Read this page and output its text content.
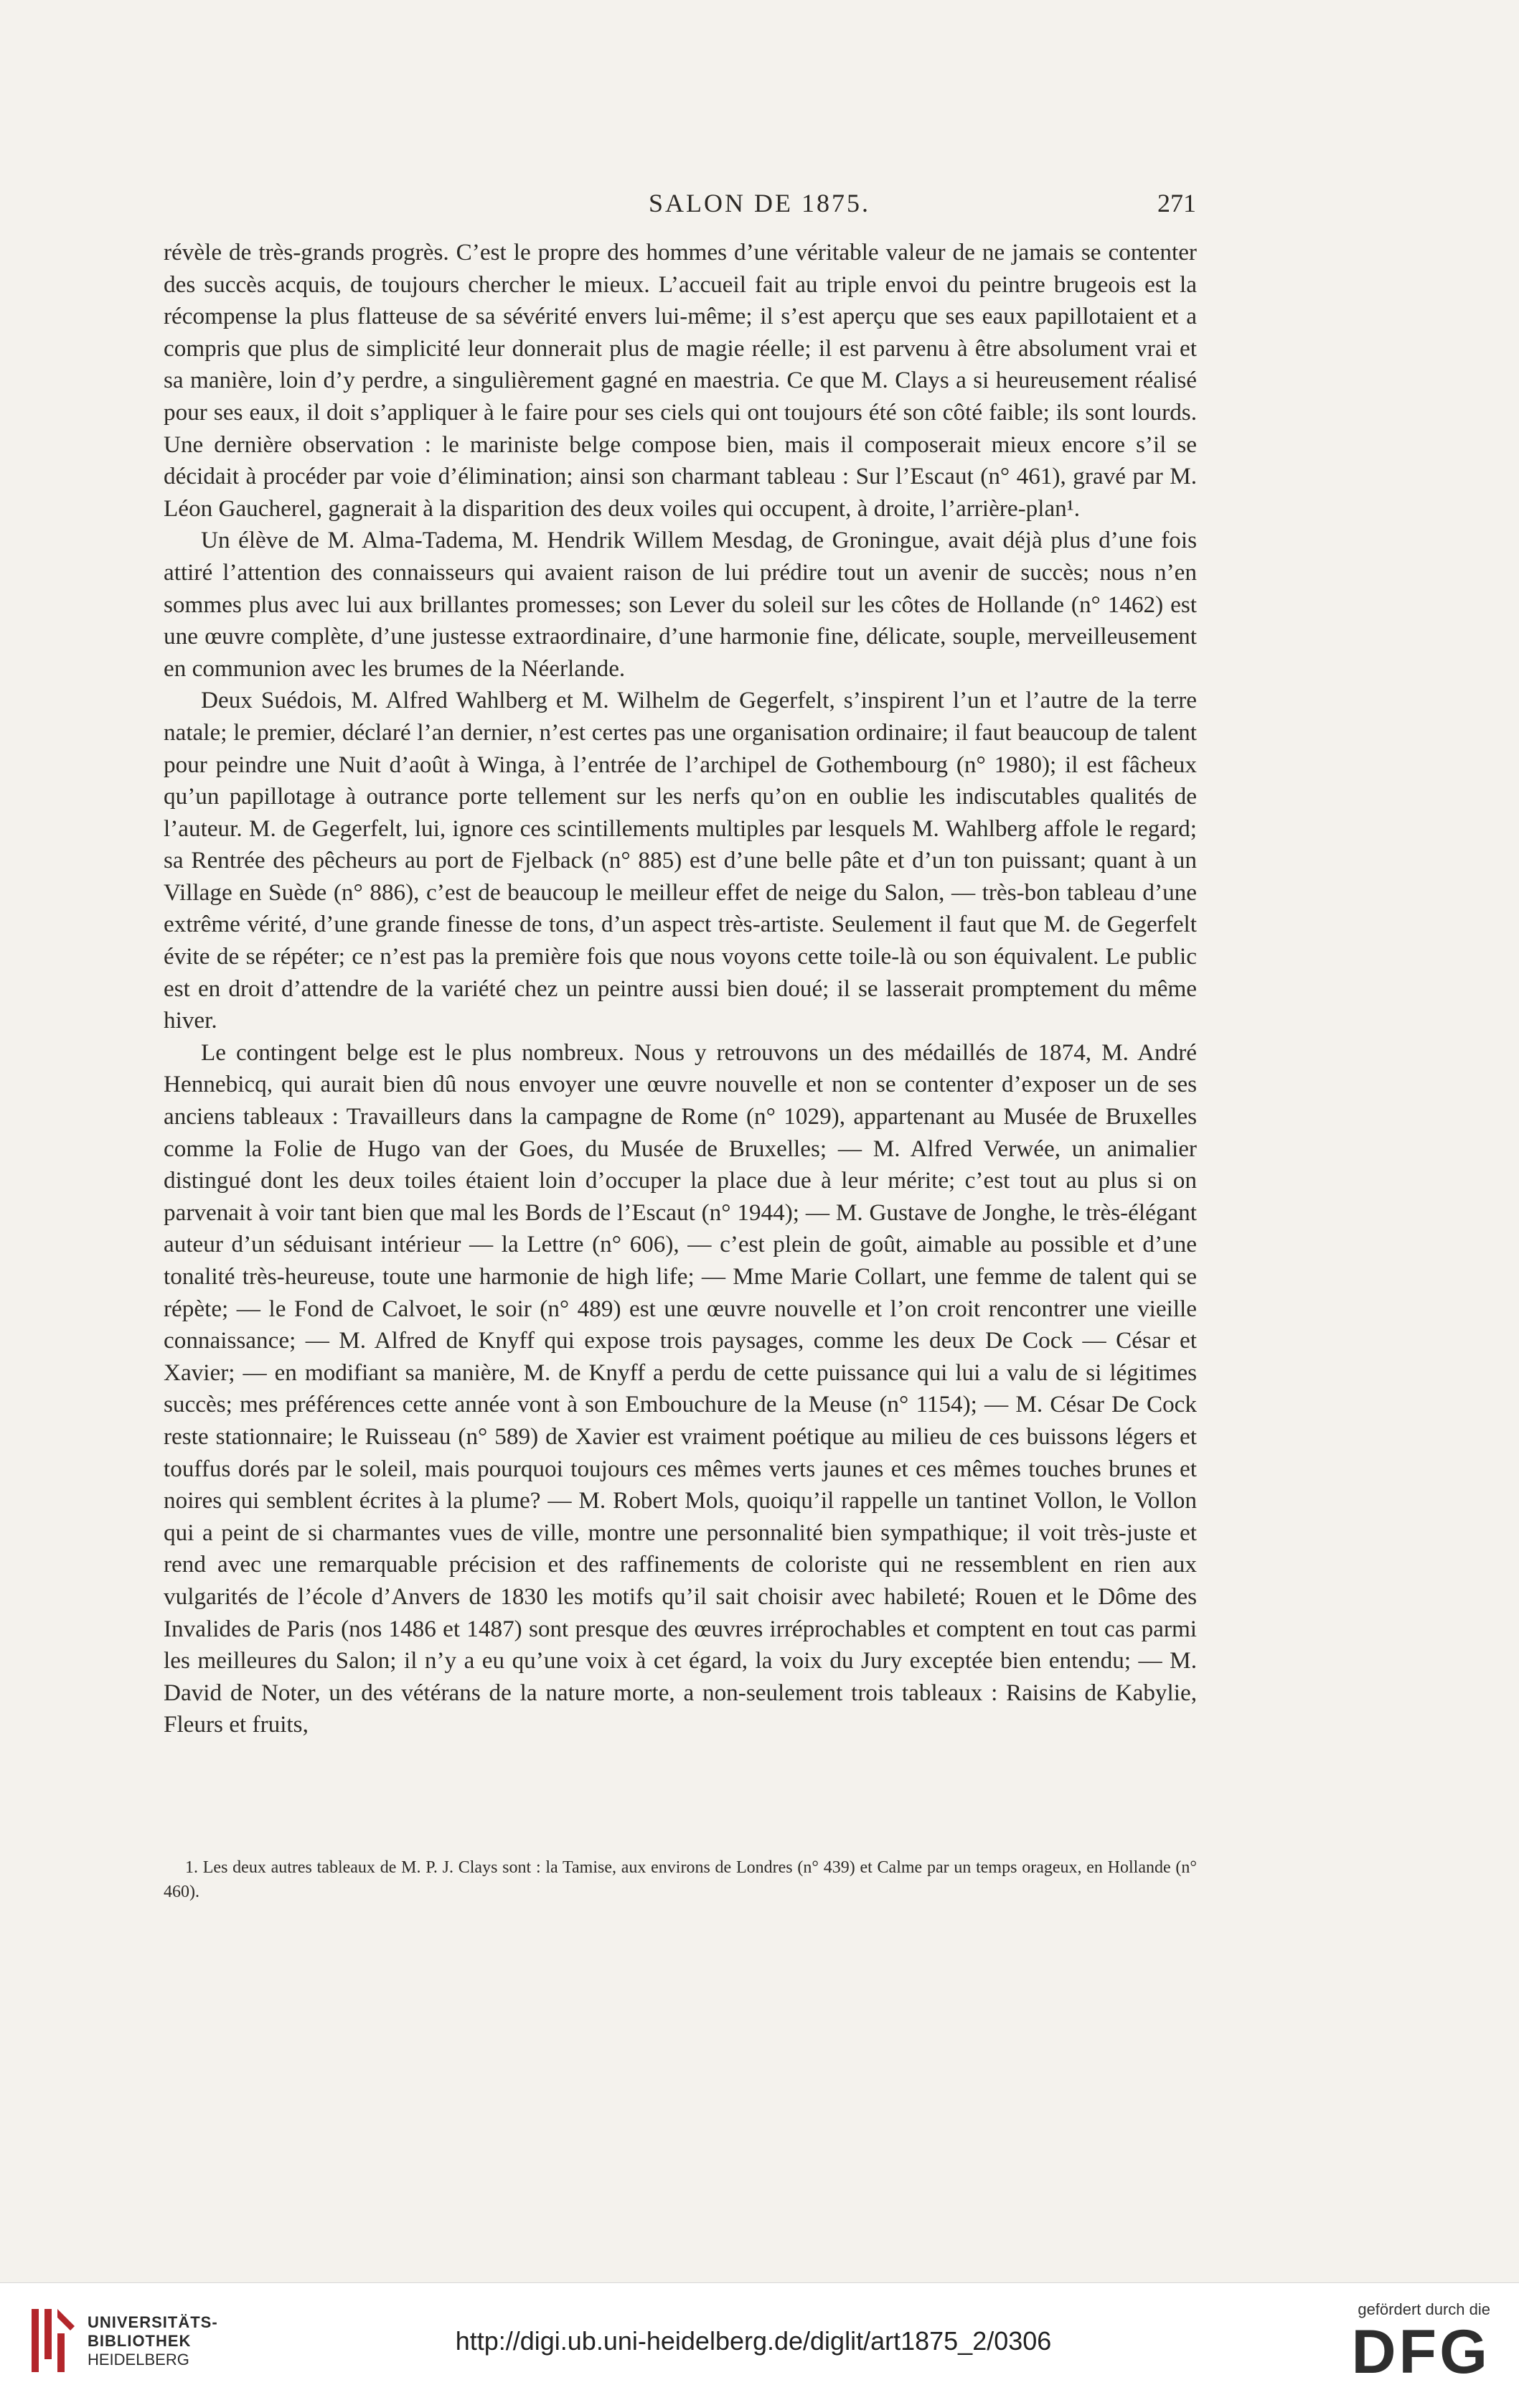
SALON DE 1875.	271

révèle de très-grands progrès. C’est le propre des hommes d’une véritable valeur de ne jamais se contenter des succès acquis, de toujours chercher le mieux. L’accueil fait au triple envoi du peintre brugeois est la récompense la plus flatteuse de sa sévérité envers lui-même; il s’est aperçu que ses eaux papillotaient et a compris que plus de simplicité leur donnerait plus de magie réelle; il est parvenu à être absolument vrai et sa manière, loin d’y perdre, a singulièrement gagné en maestria. Ce que M. Clays a si heureusement réalisé pour ses eaux, il doit s’appliquer à le faire pour ses ciels qui ont toujours été son côté faible; ils sont lourds. Une dernière observation : le mariniste belge compose bien, mais il composerait mieux encore s’il se décidait à procéder par voie d’élimination; ainsi son charmant tableau : Sur l’Escaut (n° 461), gravé par M. Léon Gaucherel, gagnerait à la disparition des deux voiles qui occupent, à droite, l’arrière-plan¹.

Un élève de M. Alma-Tadema, M. Hendrik Willem Mesdag, de Groningue, avait déjà plus d’une fois attiré l’attention des connaisseurs qui avaient raison de lui prédire tout un avenir de succès; nous n’en sommes plus avec lui aux brillantes promesses; son Lever du soleil sur les côtes de Hollande (n° 1462) est une œuvre complète, d’une justesse extraordinaire, d’une harmonie fine, délicate, souple, merveilleusement en communion avec les brumes de la Néerlande.

Deux Suédois, M. Alfred Wahlberg et M. Wilhelm de Gegerfelt, s’inspirent l’un et l’autre de la terre natale; le premier, déclaré l’an dernier, n’est certes pas une organisation ordinaire; il faut beaucoup de talent pour peindre une Nuit d’août à Winga, à l’entrée de l’archipel de Gothembourg (n° 1980); il est fâcheux qu’un papillotage à outrance porte tellement sur les nerfs qu’on en oublie les indiscutables qualités de l’auteur. M. de Gegerfelt, lui, ignore ces scintillements multiples par lesquels M. Wahlberg affole le regard; sa Rentrée des pêcheurs au port de Fjelback (n° 885) est d’une belle pâte et d’un ton puissant; quant à un Village en Suède (n° 886), c’est de beaucoup le meilleur effet de neige du Salon, — très-bon tableau d’une extrême vérité, d’une grande finesse de tons, d’un aspect très-artiste. Seulement il faut que M. de Gegerfelt évite de se répéter; ce n’est pas la première fois que nous voyons cette toile-là ou son équivalent. Le public est en droit d’attendre de la variété chez un peintre aussi bien doué; il se lasserait promptement du même hiver.

Le contingent belge est le plus nombreux. Nous y retrouvons un des médaillés de 1874, M. André Hennebicq, qui aurait bien dû nous envoyer une œuvre nouvelle et non se contenter d’exposer un de ses anciens tableaux : Travailleurs dans la campagne de Rome (n° 1029), appartenant au Musée de Bruxelles comme la Folie de Hugo van der Goes, du Musée de Bruxelles; — M. Alfred Verwée, un animalier distingué dont les deux toiles étaient loin d’occuper la place due à leur mérite; c’est tout au plus si on parvenait à voir tant bien que mal les Bords de l’Escaut (n° 1944); — M. Gustave de Jonghe, le très-élégant auteur d’un séduisant intérieur — la Lettre (n° 606), — c’est plein de goût, aimable au possible et d’une tonalité très-heureuse, toute une harmonie de high life; — Mme Marie Collart, une femme de talent qui se répète; — le Fond de Calvoet, le soir (n° 489) est une œuvre nouvelle et l’on croit rencontrer une vieille connaissance; — M. Alfred de Knyff qui expose trois paysages, comme les deux De Cock — César et Xavier; — en modifiant sa manière, M. de Knyff a perdu de cette puissance qui lui a valu de si légitimes succès; mes préférences cette année vont à son Embouchure de la Meuse (n° 1154); — M. César De Cock reste stationnaire; le Ruisseau (n° 589) de Xavier est vraiment poétique au milieu de ces buissons légers et touffus dorés par le soleil, mais pourquoi toujours ces mêmes verts jaunes et ces mêmes touches brunes et noires qui semblent écrites à la plume? — M. Robert Mols, quoiqu’il rappelle un tantinet Vollon, le Vollon qui a peint de si charmantes vues de ville, montre une personnalité bien sympathique; il voit très-juste et rend avec une remarquable précision et des raffinements de coloriste qui ne ressemblent en rien aux vulgarités de l’école d’Anvers de 1830 les motifs qu’il sait choisir avec habileté; Rouen et le Dôme des Invalides de Paris (nos 1486 et 1487) sont presque des œuvres irréprochables et comptent en tout cas parmi les meilleures du Salon; il n’y a eu qu’une voix à cet égard, la voix du Jury exceptée bien entendu; — M. David de Noter, un des vétérans de la nature morte, a non-seulement trois tableaux : Raisins de Kabylie, Fleurs et fruits,

1. Les deux autres tableaux de M. P. J. Clays sont : la Tamise, aux environs de Londres (n° 439) et Calme par un temps orageux, en Hollande (n° 460).
UNIVERSITÄTS-
BIBLIOTHEK
HEIDELBERG
http://digi.ub.uni-heidelberg.de/diglit/art1875_2/0306
gefördert durch die
DFG
